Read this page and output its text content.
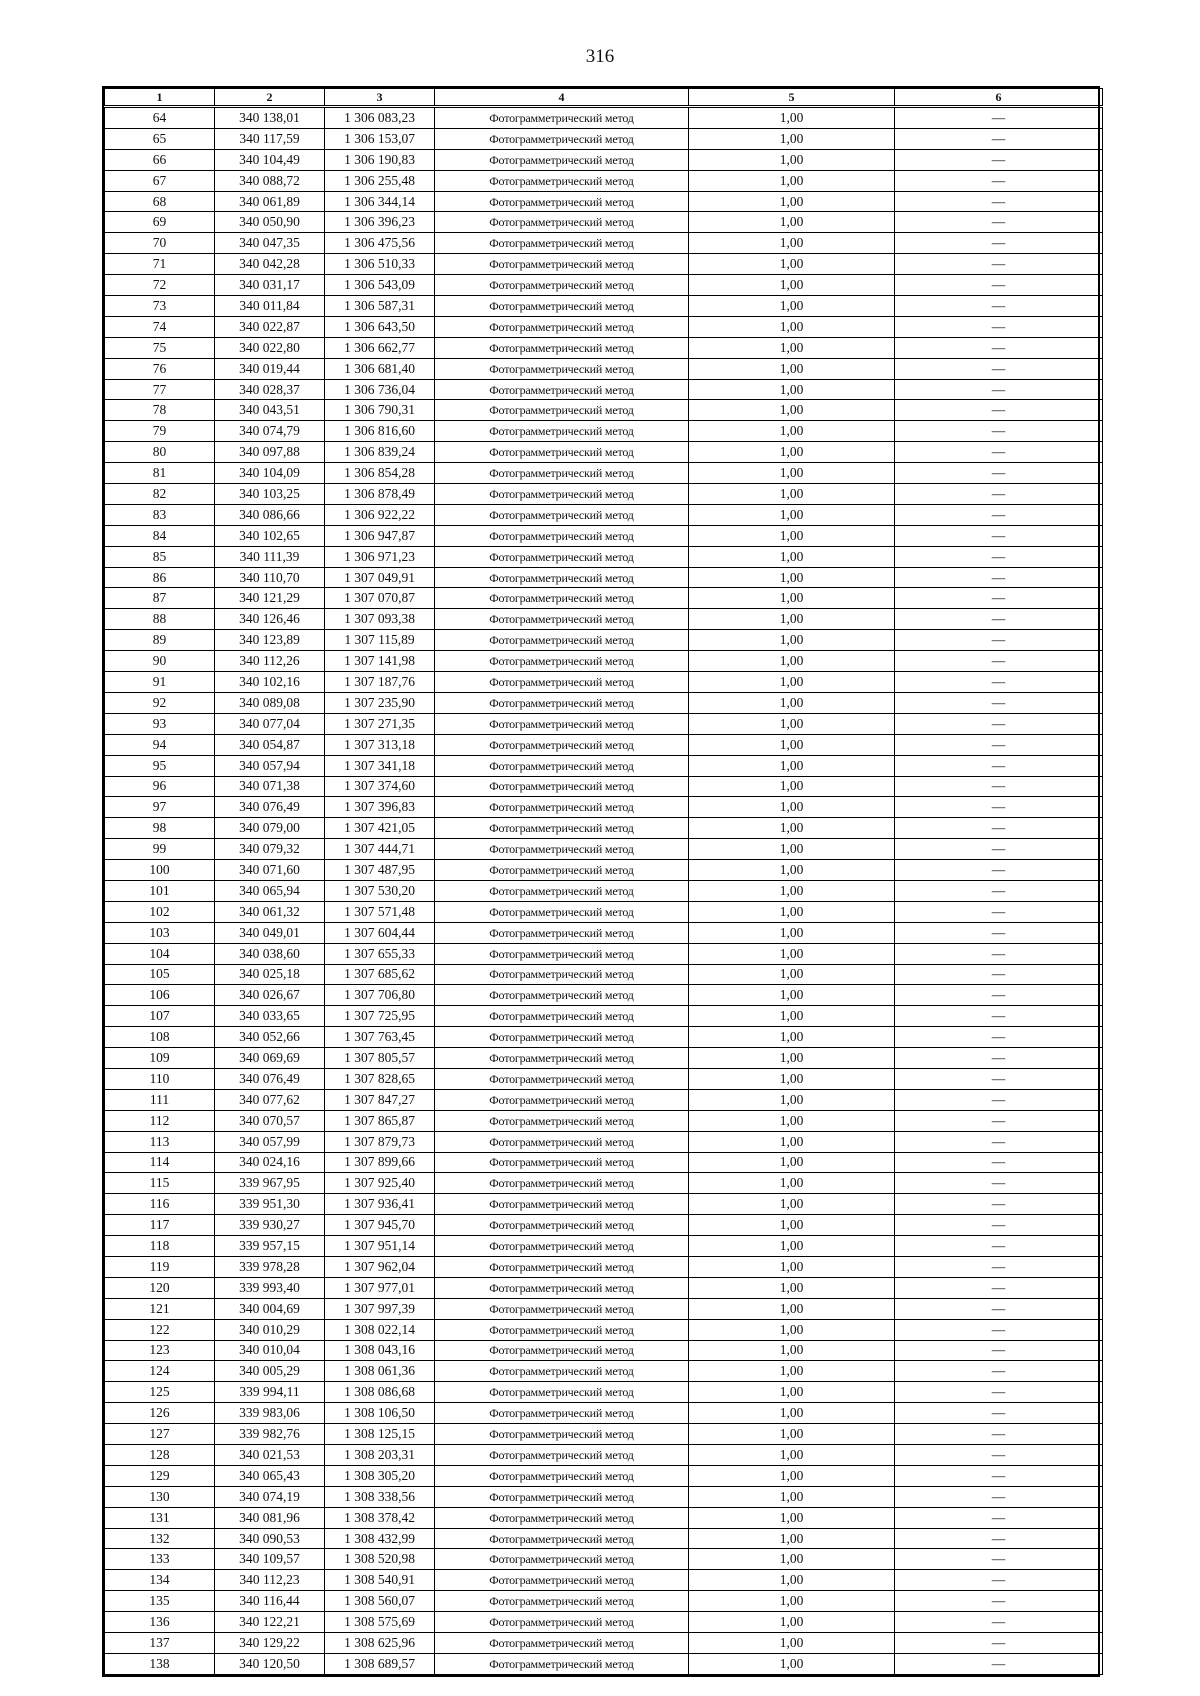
316
1	2	3	4	5	6
64	340 138,01	1 306 083,23	Фотограмметрический метод	1,00	—
65	340 117,59	1 306 153,07	Фотограмметрический метод	1,00	—
66	340 104,49	1 306 190,83	Фотограмметрический метод	1,00	—
67	340 088,72	1 306 255,48	Фотограмметрический метод	1,00	—
68	340 061,89	1 306 344,14	Фотограмметрический метод	1,00	—
69	340 050,90	1 306 396,23	Фотограмметрический метод	1,00	—
70	340 047,35	1 306 475,56	Фотограмметрический метод	1,00	—
71	340 042,28	1 306 510,33	Фотограмметрический метод	1,00	—
72	340 031,17	1 306 543,09	Фотограмметрический метод	1,00	—
73	340 011,84	1 306 587,31	Фотограмметрический метод	1,00	—
74	340 022,87	1 306 643,50	Фотограмметрический метод	1,00	—
75	340 022,80	1 306 662,77	Фотограмметрический метод	1,00	—
76	340 019,44	1 306 681,40	Фотограмметрический метод	1,00	—
77	340 028,37	1 306 736,04	Фотограмметрический метод	1,00	—
78	340 043,51	1 306 790,31	Фотограмметрический метод	1,00	—
79	340 074,79	1 306 816,60	Фотограмметрический метод	1,00	—
80	340 097,88	1 306 839,24	Фотограмметрический метод	1,00	—
81	340 104,09	1 306 854,28	Фотограмметрический метод	1,00	—
82	340 103,25	1 306 878,49	Фотограмметрический метод	1,00	—
83	340 086,66	1 306 922,22	Фотограмметрический метод	1,00	—
84	340 102,65	1 306 947,87	Фотограмметрический метод	1,00	—
85	340 111,39	1 306 971,23	Фотограмметрический метод	1,00	—
86	340 110,70	1 307 049,91	Фотограмметрический метод	1,00	—
87	340 121,29	1 307 070,87	Фотограмметрический метод	1,00	—
88	340 126,46	1 307 093,38	Фотограмметрический метод	1,00	—
89	340 123,89	1 307 115,89	Фотограмметрический метод	1,00	—
90	340 112,26	1 307 141,98	Фотограмметрический метод	1,00	—
91	340 102,16	1 307 187,76	Фотограмметрический метод	1,00	—
92	340 089,08	1 307 235,90	Фотограмметрический метод	1,00	—
93	340 077,04	1 307 271,35	Фотограмметрический метод	1,00	—
94	340 054,87	1 307 313,18	Фотограмметрический метод	1,00	—
95	340 057,94	1 307 341,18	Фотограмметрический метод	1,00	—
96	340 071,38	1 307 374,60	Фотограмметрический метод	1,00	—
97	340 076,49	1 307 396,83	Фотограмметрический метод	1,00	—
98	340 079,00	1 307 421,05	Фотограмметрический метод	1,00	—
99	340 079,32	1 307 444,71	Фотограмметрический метод	1,00	—
100	340 071,60	1 307 487,95	Фотограмметрический метод	1,00	—
101	340 065,94	1 307 530,20	Фотограмметрический метод	1,00	—
102	340 061,32	1 307 571,48	Фотограмметрический метод	1,00	—
103	340 049,01	1 307 604,44	Фотограмметрический метод	1,00	—
104	340 038,60	1 307 655,33	Фотограмметрический метод	1,00	—
105	340 025,18	1 307 685,62	Фотограмметрический метод	1,00	—
106	340 026,67	1 307 706,80	Фотограмметрический метод	1,00	—
107	340 033,65	1 307 725,95	Фотограмметрический метод	1,00	—
108	340 052,66	1 307 763,45	Фотограмметрический метод	1,00	—
109	340 069,69	1 307 805,57	Фотограмметрический метод	1,00	—
110	340 076,49	1 307 828,65	Фотограмметрический метод	1,00	—
111	340 077,62	1 307 847,27	Фотограмметрический метод	1,00	—
112	340 070,57	1 307 865,87	Фотограмметрический метод	1,00	—
113	340 057,99	1 307 879,73	Фотограмметрический метод	1,00	—
114	340 024,16	1 307 899,66	Фотограмметрический метод	1,00	—
115	339 967,95	1 307 925,40	Фотограмметрический метод	1,00	—
116	339 951,30	1 307 936,41	Фотограмметрический метод	1,00	—
117	339 930,27	1 307 945,70	Фотограмметрический метод	1,00	—
118	339 957,15	1 307 951,14	Фотограмметрический метод	1,00	—
119	339 978,28	1 307 962,04	Фотограмметрический метод	1,00	—
120	339 993,40	1 307 977,01	Фотограмметрический метод	1,00	—
121	340 004,69	1 307 997,39	Фотограмметрический метод	1,00	—
122	340 010,29	1 308 022,14	Фотограмметрический метод	1,00	—
123	340 010,04	1 308 043,16	Фотограмметрический метод	1,00	—
124	340 005,29	1 308 061,36	Фотограмметрический метод	1,00	—
125	339 994,11	1 308 086,68	Фотограмметрический метод	1,00	—
126	339 983,06	1 308 106,50	Фотограмметрический метод	1,00	—
127	339 982,76	1 308 125,15	Фотограмметрический метод	1,00	—
128	340 021,53	1 308 203,31	Фотограмметрический метод	1,00	—
129	340 065,43	1 308 305,20	Фотограмметрический метод	1,00	—
130	340 074,19	1 308 338,56	Фотограмметрический метод	1,00	—
131	340 081,96	1 308 378,42	Фотограмметрический метод	1,00	—
132	340 090,53	1 308 432,99	Фотограмметрический метод	1,00	—
133	340 109,57	1 308 520,98	Фотограмметрический метод	1,00	—
134	340 112,23	1 308 540,91	Фотограмметрический метод	1,00	—
135	340 116,44	1 308 560,07	Фотограмметрический метод	1,00	—
136	340 122,21	1 308 575,69	Фотограмметрический метод	1,00	—
137	340 129,22	1 308 625,96	Фотограмметрический метод	1,00	—
138	340 120,50	1 308 689,57	Фотограмметрический метод	1,00	—
